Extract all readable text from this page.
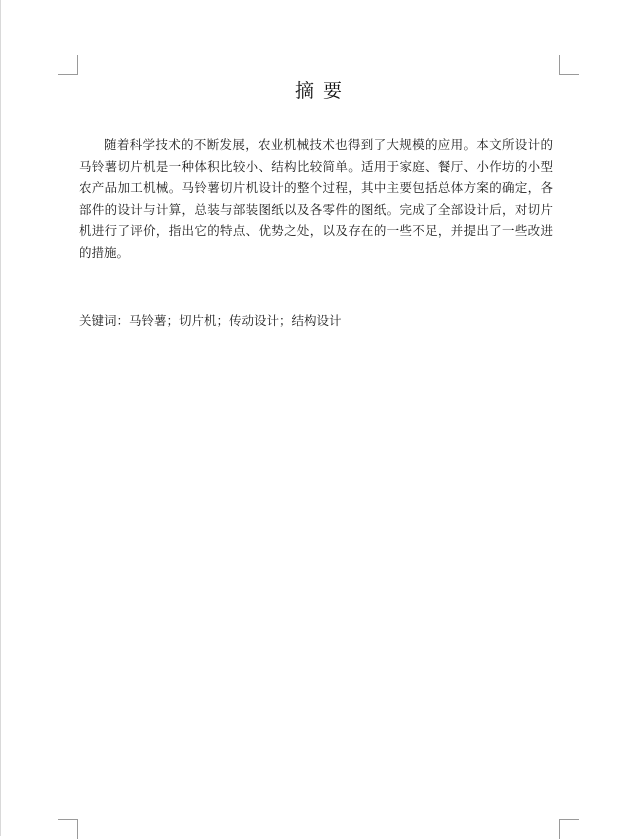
摘要

随着科学技术的不断发展，农业机械技术也得到了大规模的应用。本文所设计的马铃薯切片机是一种体积比较小、结构比较简单。适用于家庭、餐厅、小作坊的小型农产品加工机械。马铃薯切片机设计的整个过程，其中主要包括总体方案的确定，各部件的设计与计算，总装与部装图纸以及各零件的图纸。完成了全部设计后，对切片机进行了评价，指出它的特点、优势之处，以及存在的一些不足，并提出了一些改进的措施。

关键词：马铃薯；切片机；传动设计；结构设计
